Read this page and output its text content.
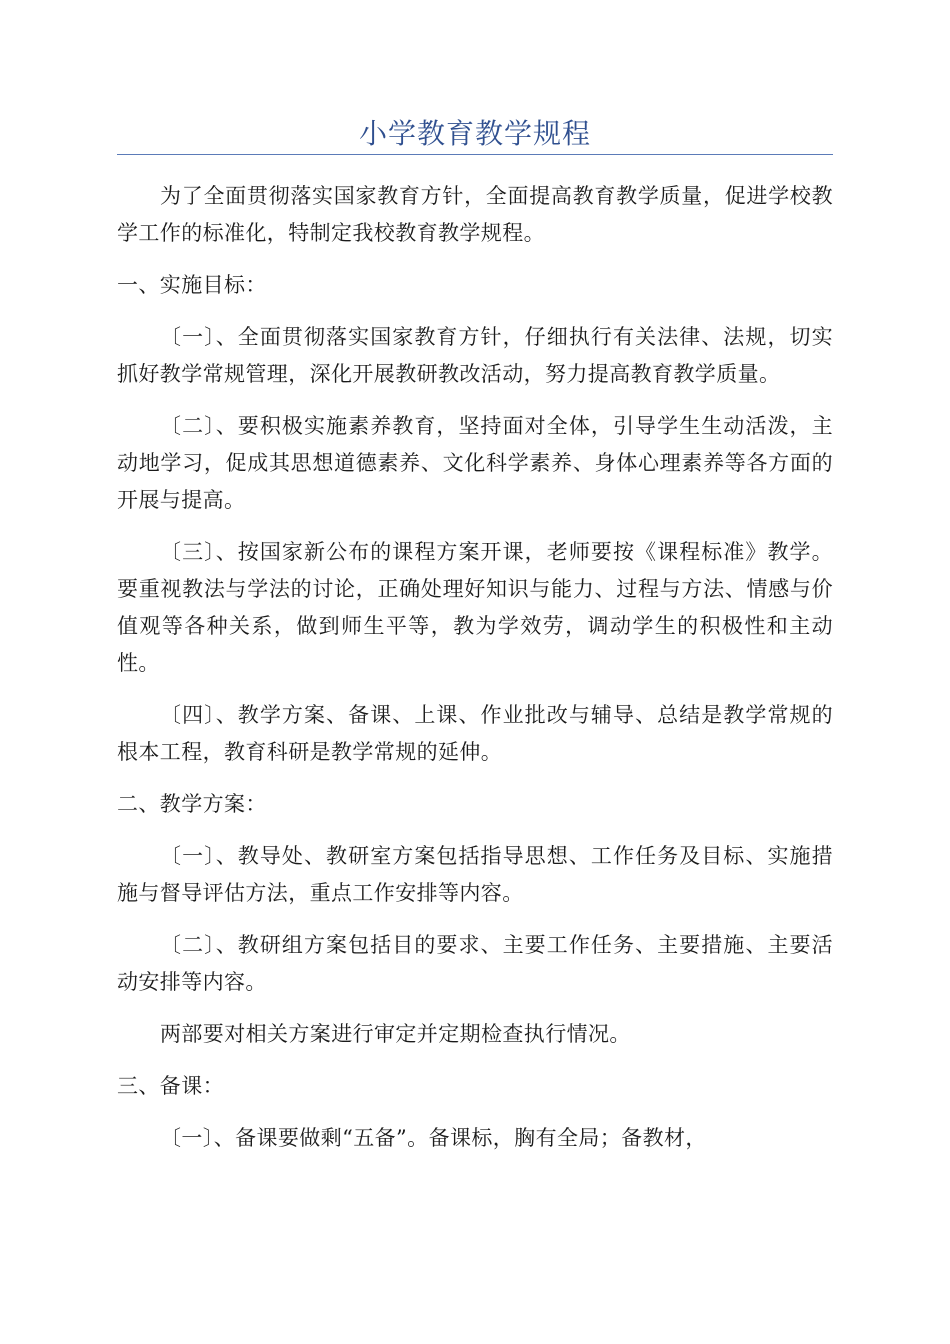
小学教育教学规程

为了全面贯彻落实国家教育方针，全面提高教育教学质量，促进学校教学工作的标准化，特制定我校教育教学规程。

一、实施目标：

〔一〕、全面贯彻落实国家教育方针，仔细执行有关法律、法规，切实抓好教学常规管理，深化开展教研教改活动，努力提高教育教学质量。

〔二〕、要积极实施素养教育，坚持面对全体，引导学生生动活泼，主动地学习，促成其思想道德素养、文化科学素养、身体心理素养等各方面的开展与提高。

〔三〕、按国家新公布的课程方案开课，老师要按《课程标准》教学。要重视教法与学法的讨论，正确处理好知识与能力、过程与方法、情感与价值观等各种关系，做到师生平等，教为学效劳，调动学生的积极性和主动性。

〔四〕、教学方案、备课、上课、作业批改与辅导、总结是教学常规的根本工程，教育科研是教学常规的延伸。

二、教学方案：

〔一〕、教导处、教研室方案包括指导思想、工作任务及目标、实施措施与督导评估方法，重点工作安排等内容。

〔二〕、教研组方案包括目的要求、主要工作任务、主要措施、主要活动安排等内容。

两部要对相关方案进行审定并定期检查执行情况。

三、备课：

〔一〕、备课要做剩“五备”。备课标，胸有全局；备教材，
